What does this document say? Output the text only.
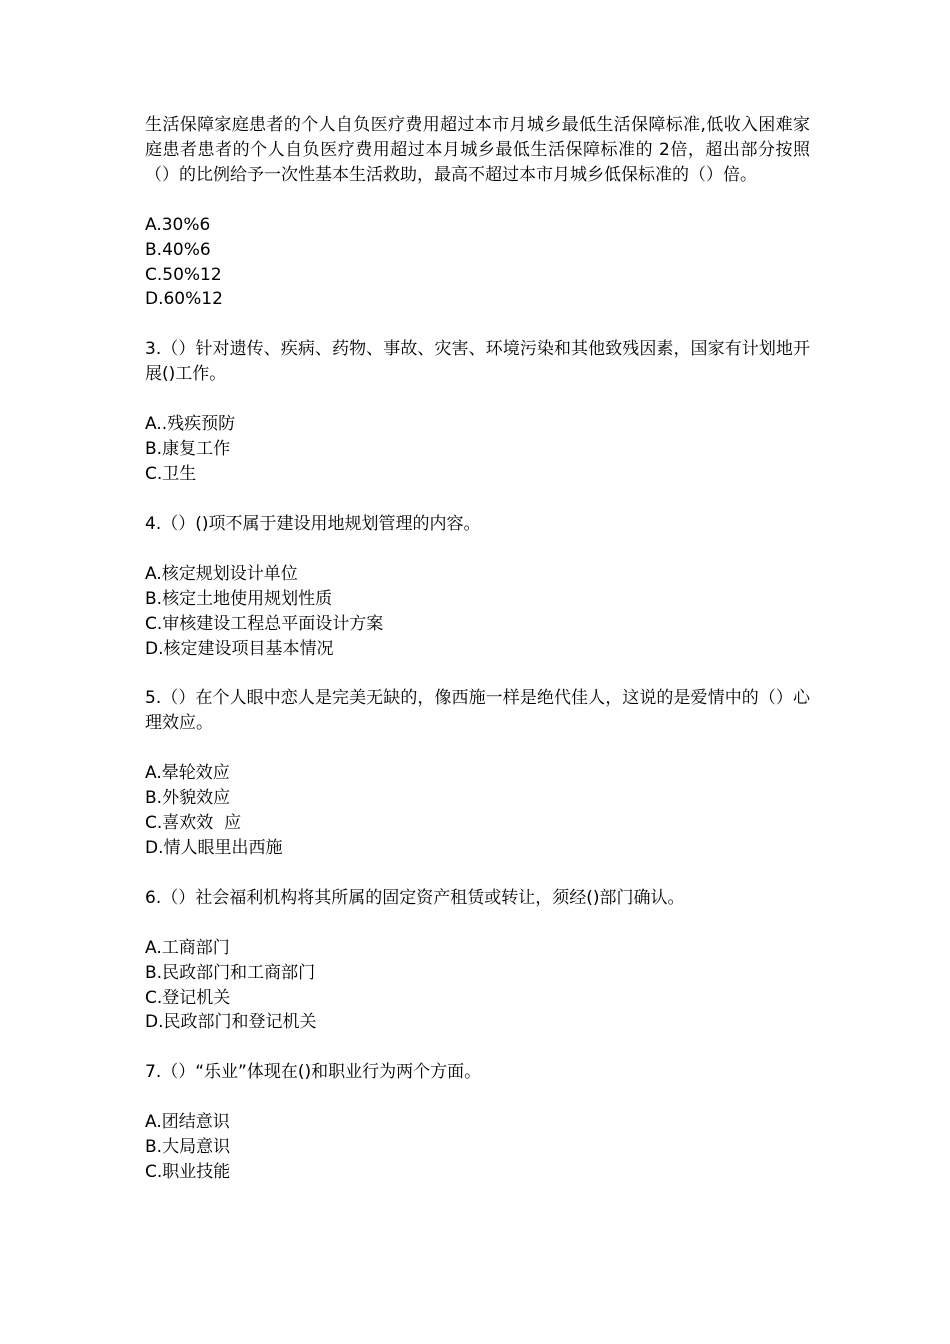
生活保障家庭患者的个人自负医疗费用超过本市月城乡最低生活保障标准,低收入困难家庭患者患者的个人自负医疗费用超过本月城乡最低生活保障标准的 2倍，超出部分按照（）的比例给予一次性基本生活救助，最高不超过本市月城乡低保标准的（）倍。

A.30%6
B.40%6
C.50%12
D.60%12

3.（）针对遗传、疾病、药物、事故、灾害、环境污染和其他致残因素，国家有计划地开展()工作。

A..残疾预防
B.康复工作
C.卫生

4.（）()项不属于建设用地规划管理的内容。

A.核定规划设计单位
B.核定土地使用规划性质
C.审核建设工程总平面设计方案
D.核定建设项目基本情况

5.（）在个人眼中恋人是完美无缺的，像西施一样是绝代佳人，这说的是爱情中的（）心理效应。

A.晕轮效应
B.外貌效应
C.喜欢效  应
D.情人眼里出西施

6.（）社会福利机构将其所属的固定资产租赁或转让，须经()部门确认。

A.工商部门
B.民政部门和工商部门
C.登记机关
D.民政部门和登记机关

7.（）“乐业”体现在()和职业行为两个方面。

A.团结意识
B.大局意识
C.职业技能
